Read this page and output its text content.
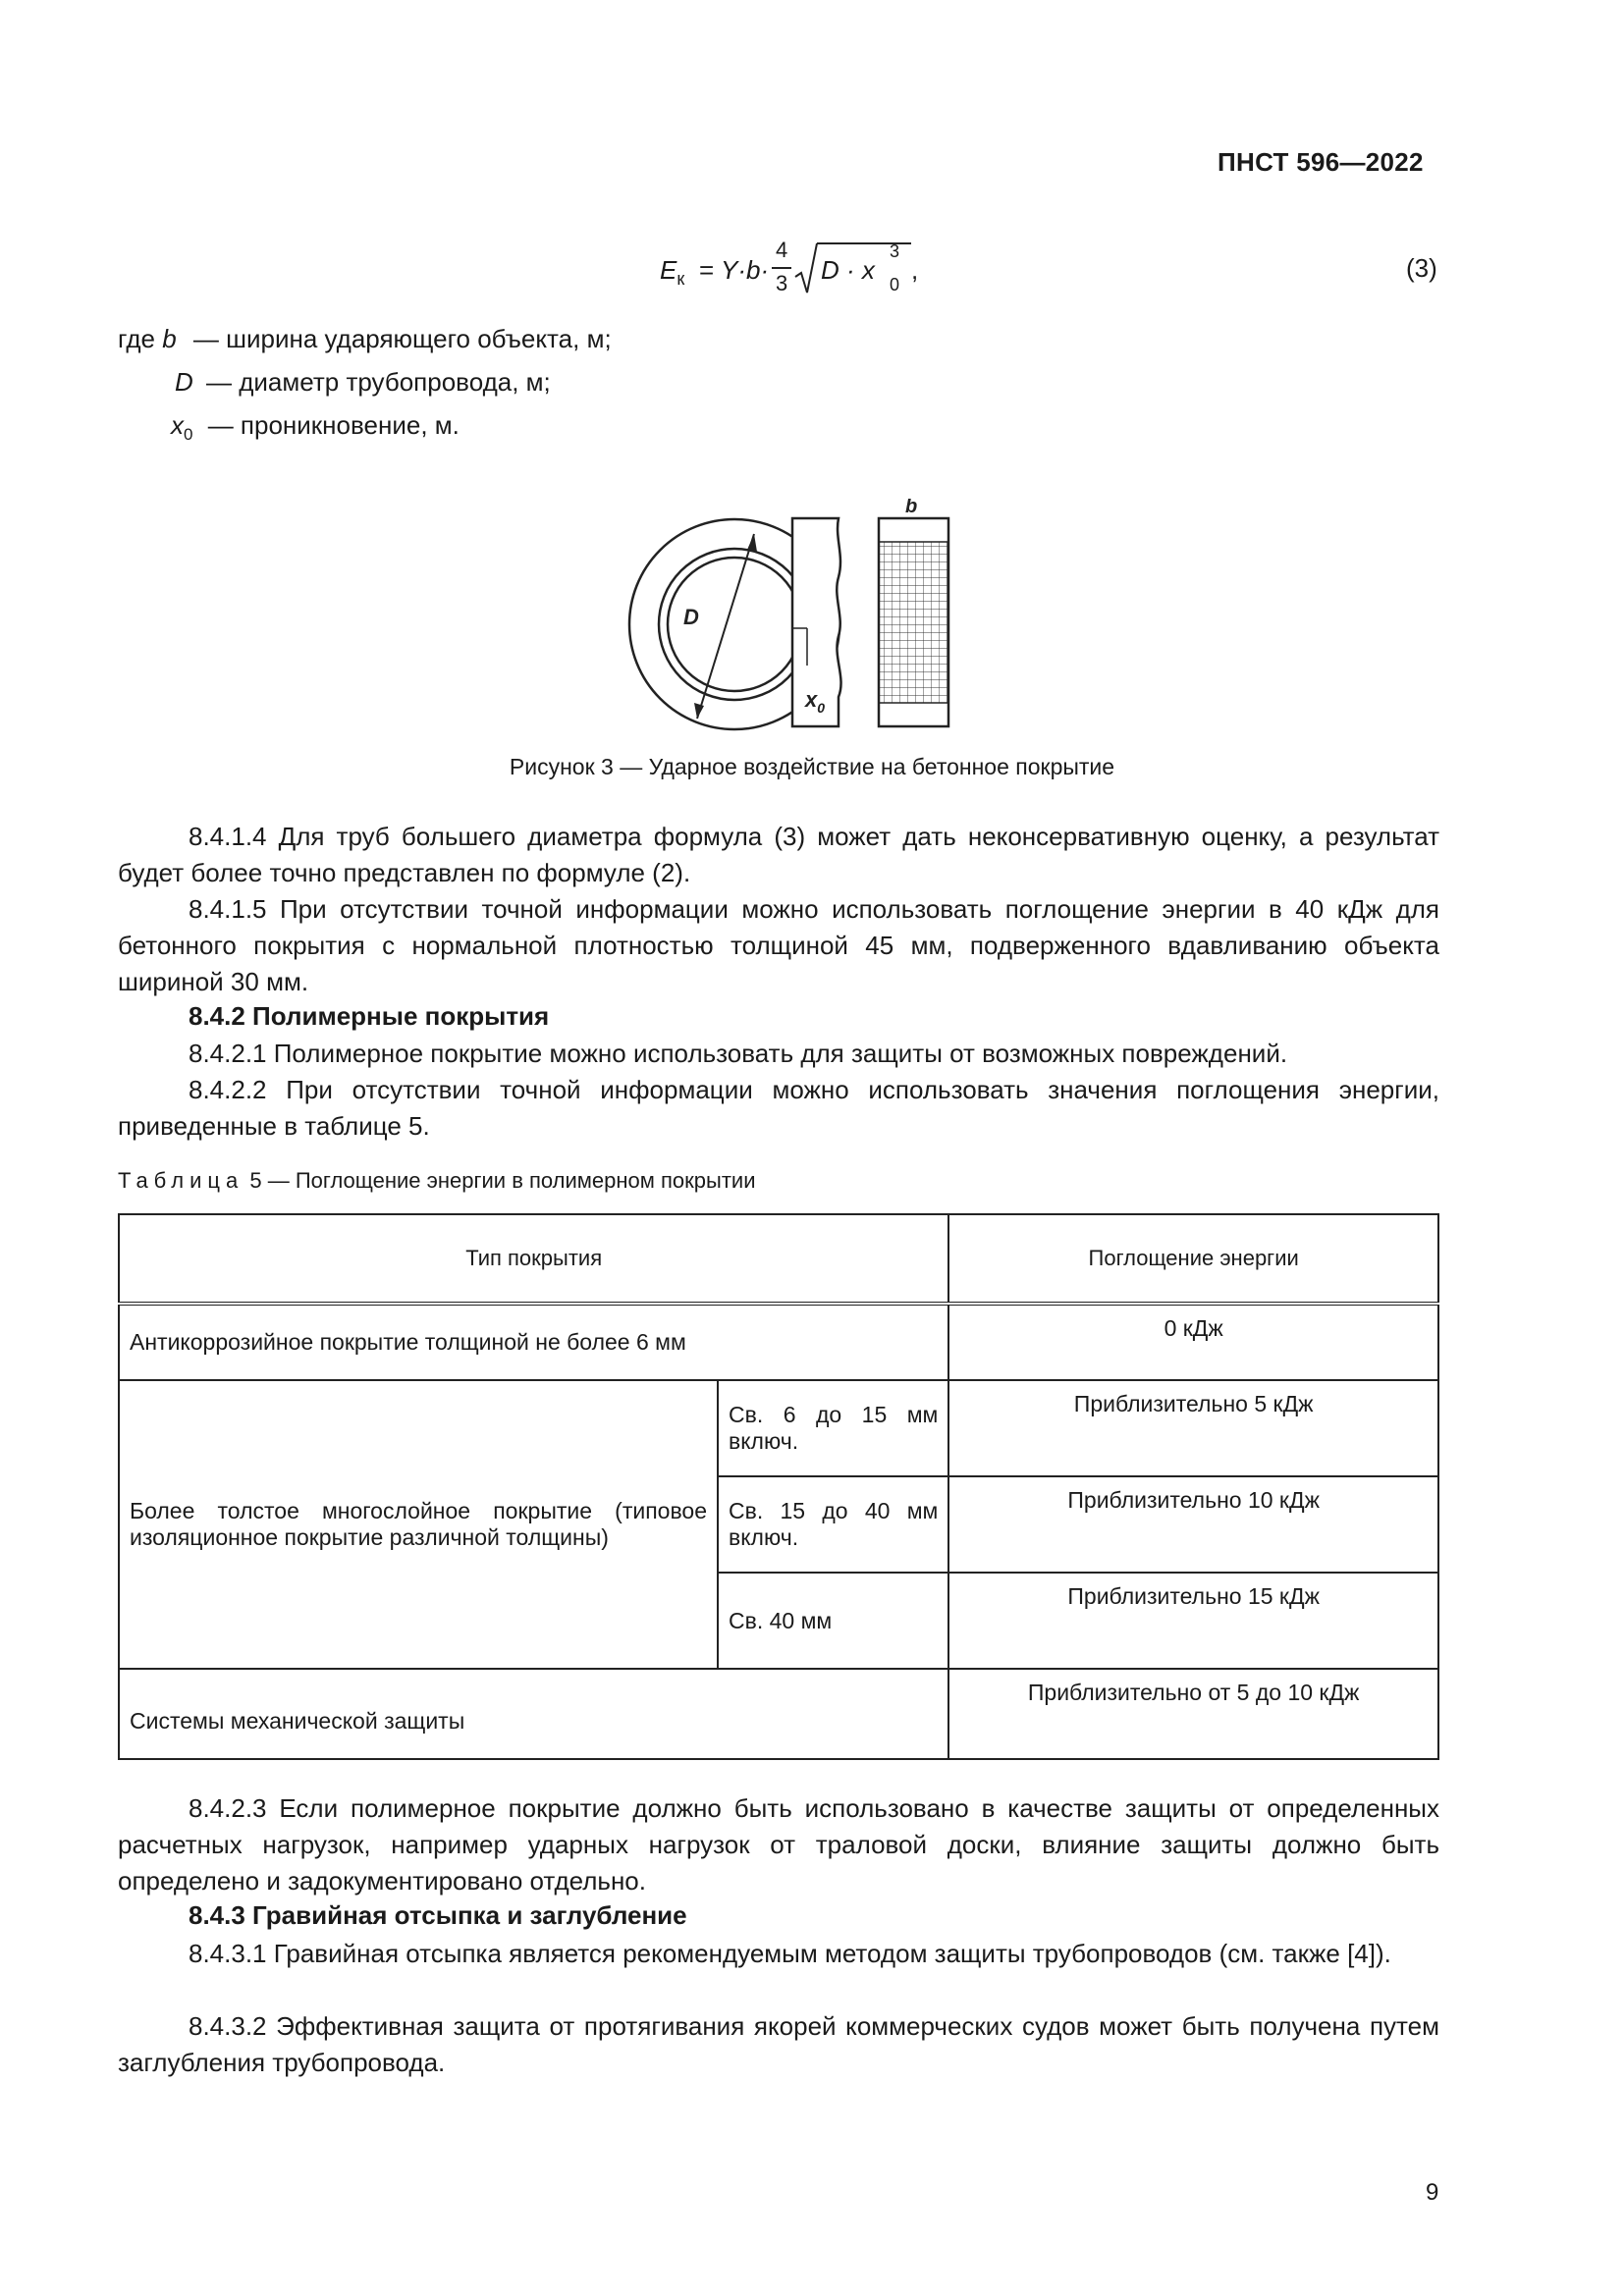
ПНСТ 596—2022
$E_к = Y\cdot b\cdot$
4
3 D · x
3
0 ,	(3)
где b — ширина ударяющего объекта, м;
D — диаметр трубопровода, м;
$x_0$ — проникновение, м.
D
$x_0$
b
Рисунок 3 — Ударное воздействие на бетонное покрытие
8.4.1.4 Для труб большего диаметра формула (3) может дать неконсервативную оценку, а результат будет более точно представлен по формуле (2).
8.4.1.5 При отсутствии точной информации можно использовать поглощение энергии в 40 кДж для бетонного покрытия с нормальной плотностью толщиной 45 мм, подверженного вдавливанию объекта шириной 30 мм.
8.4.2 Полимерные покрытия
8.4.2.1 Полимерное покрытие можно использовать для защиты от возможных повреждений.
8.4.2.2 При отсутствии точной информации можно использовать значения поглощения энергии, приведенные в таблице 5.
Таблица 5 — Поглощение энергии в полимерном покрытии
Тип покрытия		Поглощение энергии
Антикоррозийное покрытие толщиной не более 6 мм		0 кДж
Более толстое многослойное покрытие (типовое изоляционное покрытие различной толщины)	Св. 6 до 15 мм включ.	Приблизительно 5 кДж
	Св. 15 до 40 мм включ.	Приблизительно 10 кДж
	Св. 40 мм	Приблизительно 15 кДж
Системы механической защиты		Приблизительно от 5 до 10 кДж
8.4.2.3 Если полимерное покрытие должно быть использовано в качестве защиты от определенных расчетных нагрузок, например ударных нагрузок от траловой доски, влияние защиты должно быть определено и задокументировано отдельно.
8.4.3 Гравийная отсыпка и заглубление
8.4.3.1 Гравийная отсыпка является рекомендуемым методом защиты трубопроводов (см. также [4]).
8.4.3.2 Эффективная защита от протягивания якорей коммерческих судов может быть получена путем заглубления трубопровода.
9
